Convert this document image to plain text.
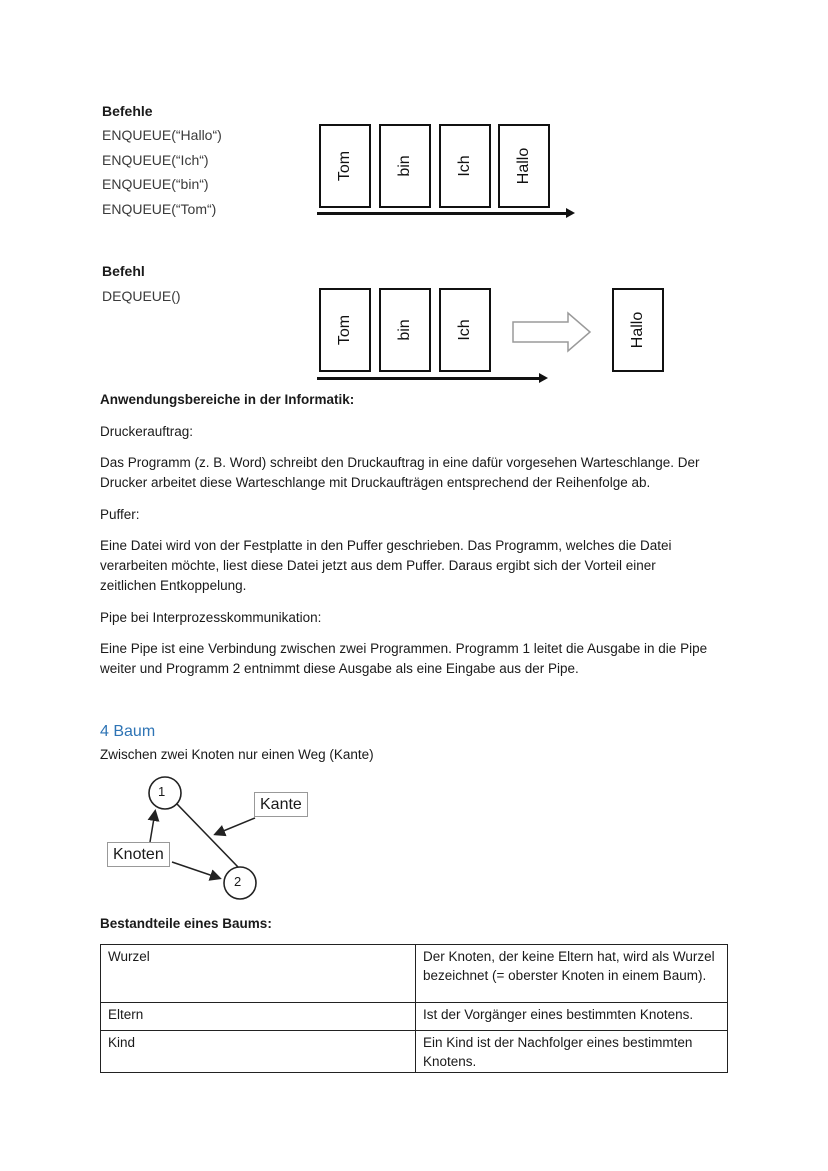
Befehle
ENQUEUE(“Hallo“)
ENQUEUE(“Ich“)
ENQUEUE(“bin“)
ENQUEUE(“Tom“)
Tom	bin	Ich	Hallo
Befehl
DEQUEUE()
Tom	bin	Ich	Hallo
Anwendungsbereiche in der Informatik:
Druckerauftrag:
Das Programm (z. B. Word) schreibt den Druckauftrag in eine dafür vorgesehen Warteschlange. Der Drucker arbeitet diese Warteschlange mit Druckaufträgen entsprechend der Reihenfolge ab.
Puffer:
Eine Datei wird von der Festplatte in den Puffer geschrieben. Das Programm, welches die Datei verarbeiten möchte, liest diese Datei jetzt aus dem Puffer. Daraus ergibt sich der Vorteil einer zeitlichen Entkoppelung.
Pipe bei Interprozesskommunikation:
Eine Pipe ist eine Verbindung zwischen zwei Programmen. Programm 1 leitet die Ausgabe in die Pipe weiter und Programm 2 entnimmt diese Ausgabe als eine Eingabe aus der Pipe.
4 Baum
Zwischen zwei Knoten nur einen Weg (Kante)
1
2
Kante
Knoten
Bestandteile eines Baums:
Wurzel	Der Knoten, der keine Eltern hat, wird als Wurzel bezeichnet (= oberster Knoten in einem Baum).
Eltern	Ist der Vorgänger eines bestimmten Knotens.
Kind	Ein Kind ist der Nachfolger eines bestimmten Knotens.
